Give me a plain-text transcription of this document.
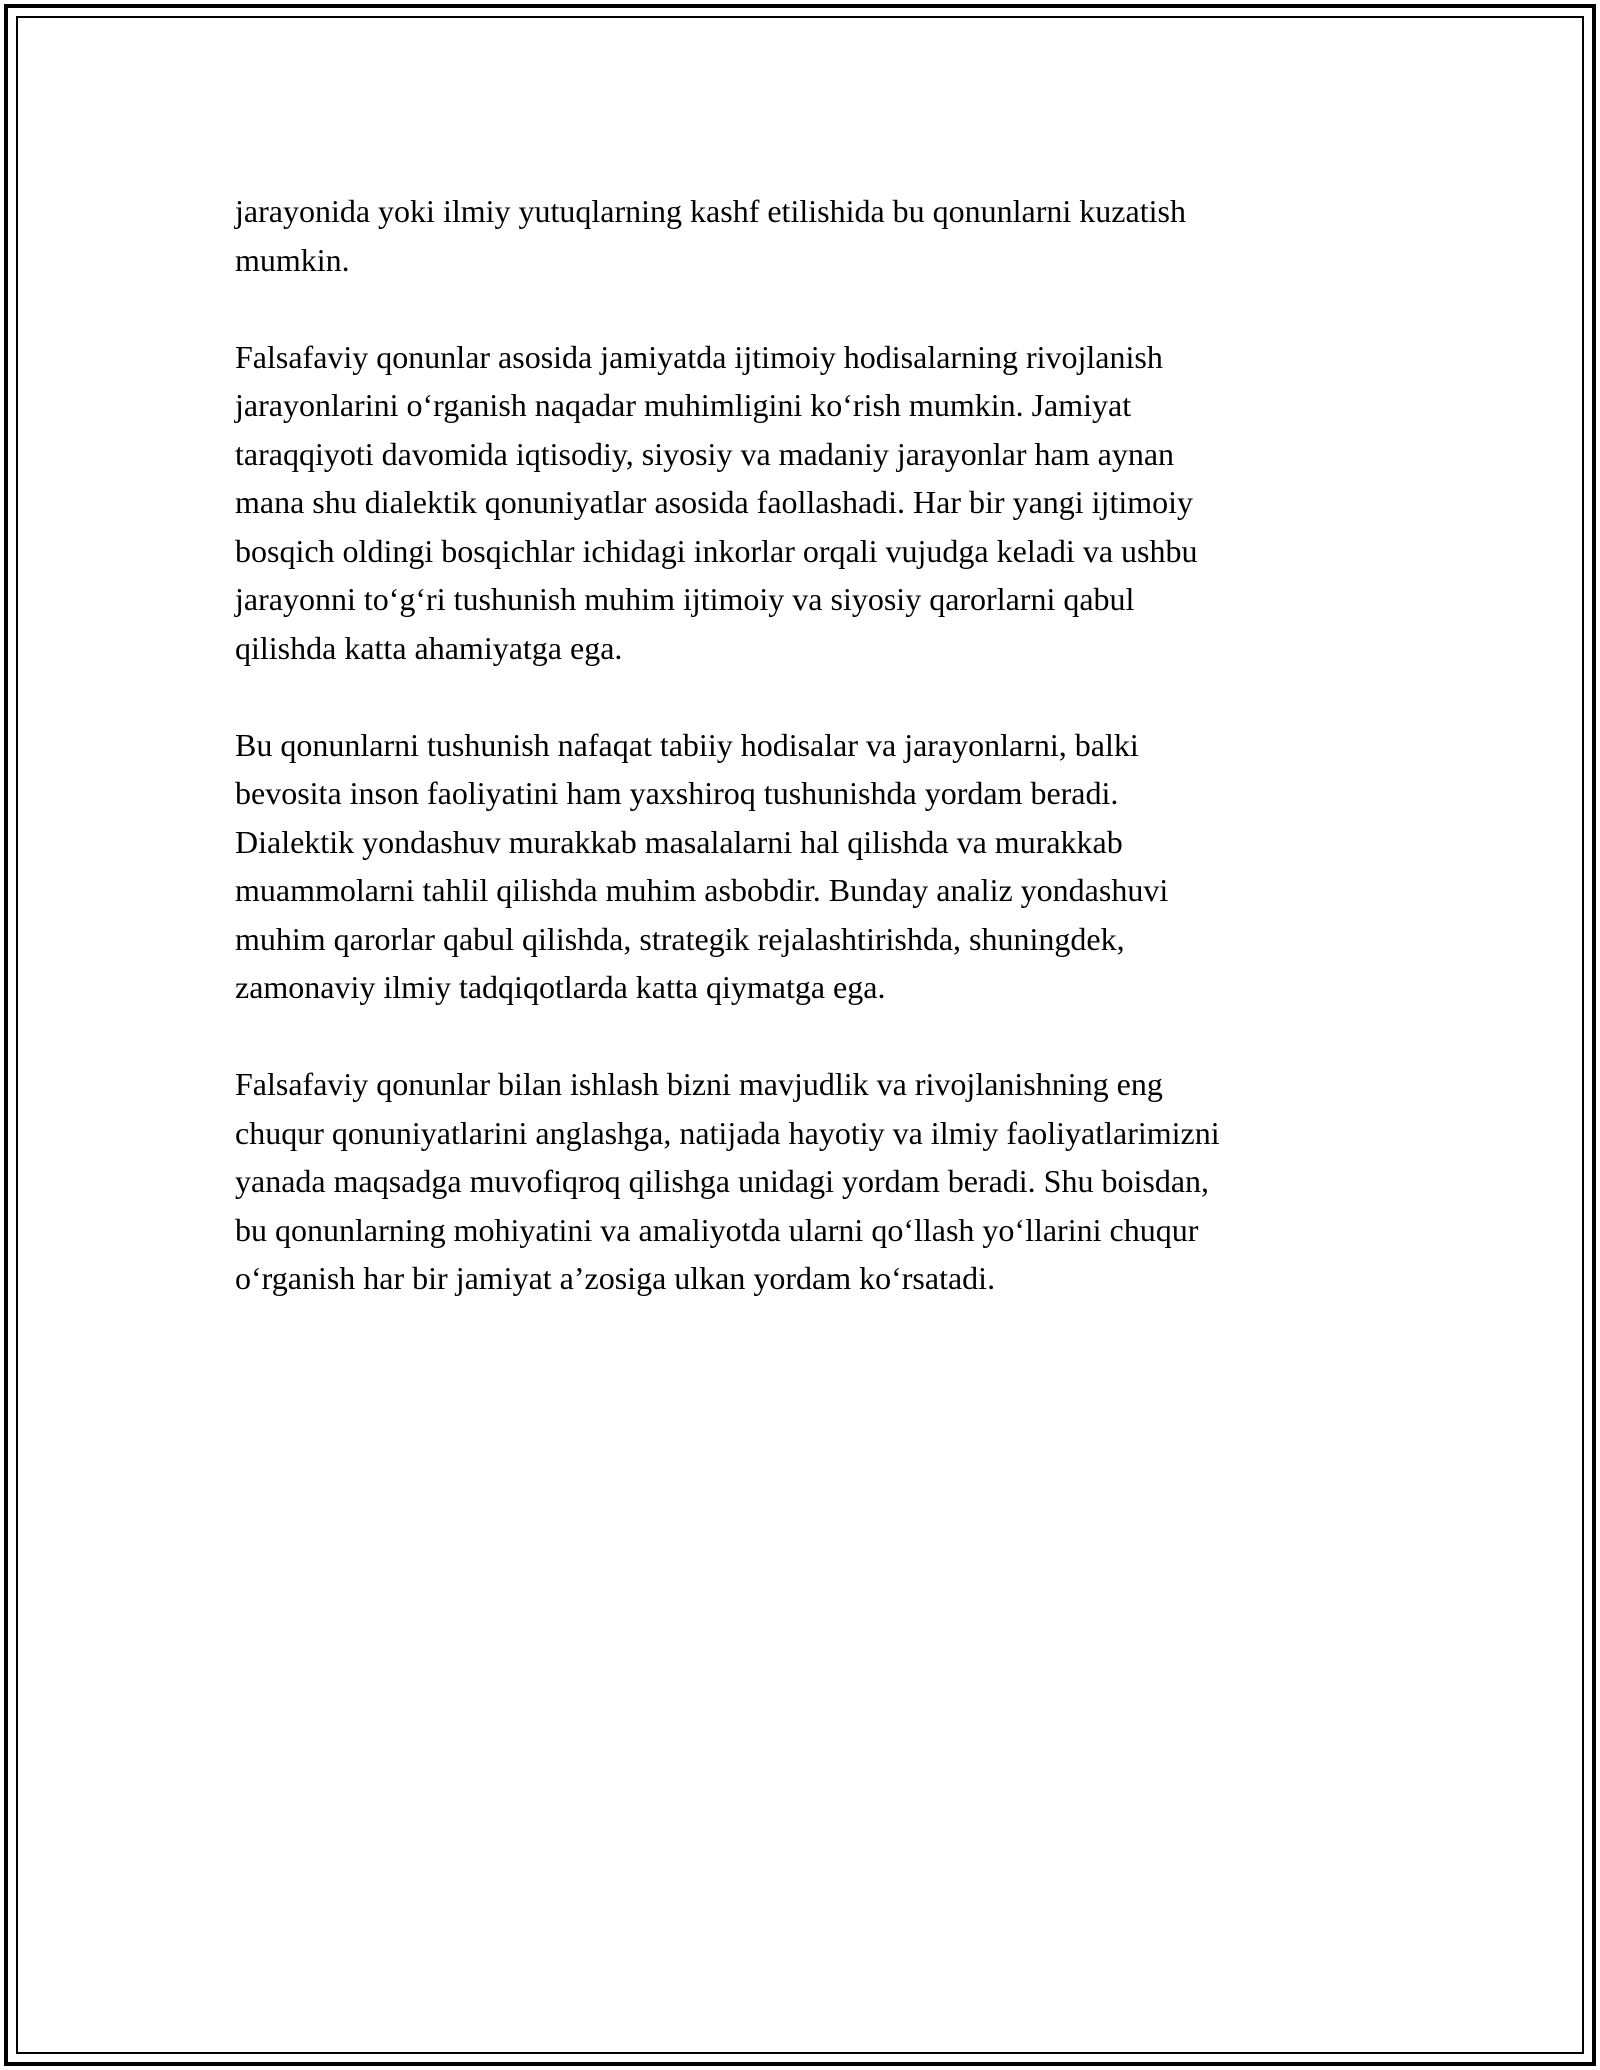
jarayonida yoki ilmiy yutuqlarning kashf etilishida bu qonunlarni kuzatish
mumkin.

Falsafaviy qonunlar asosida jamiyatda ijtimoiy hodisalarning rivojlanish
jarayonlarini o‘rganish naqadar muhimligini ko‘rish mumkin. Jamiyat
taraqqiyoti davomida iqtisodiy, siyosiy va madaniy jarayonlar ham aynan
mana shu dialektik qonuniyatlar asosida faollashadi. Har bir yangi ijtimoiy
bosqich oldingi bosqichlar ichidagi inkorlar orqali vujudga keladi va ushbu
jarayonni to‘g‘ri tushunish muhim ijtimoiy va siyosiy qarorlarni qabul
qilishda katta ahamiyatga ega.

Bu qonunlarni tushunish nafaqat tabiiy hodisalar va jarayonlarni, balki
bevosita inson faoliyatini ham yaxshiroq tushunishda yordam beradi.
Dialektik yondashuv murakkab masalalarni hal qilishda va murakkab
muammolarni tahlil qilishda muhim asbobdir. Bunday analiz yondashuvi
muhim qarorlar qabul qilishda, strategik rejalashtirishda, shuningdek,
zamonaviy ilmiy tadqiqotlarda katta qiymatga ega.

Falsafaviy qonunlar bilan ishlash bizni mavjudlik va rivojlanishning eng
chuqur qonuniyatlarini anglashga, natijada hayotiy va ilmiy faoliyatlarimizni
yanada maqsadga muvofiqroq qilishga unidagi yordam beradi. Shu boisdan,
bu qonunlarning mohiyatini va amaliyotda ularni qo‘llash yo‘llarini chuqur
o‘rganish har bir jamiyat a’zosiga ulkan yordam ko‘rsatadi.
